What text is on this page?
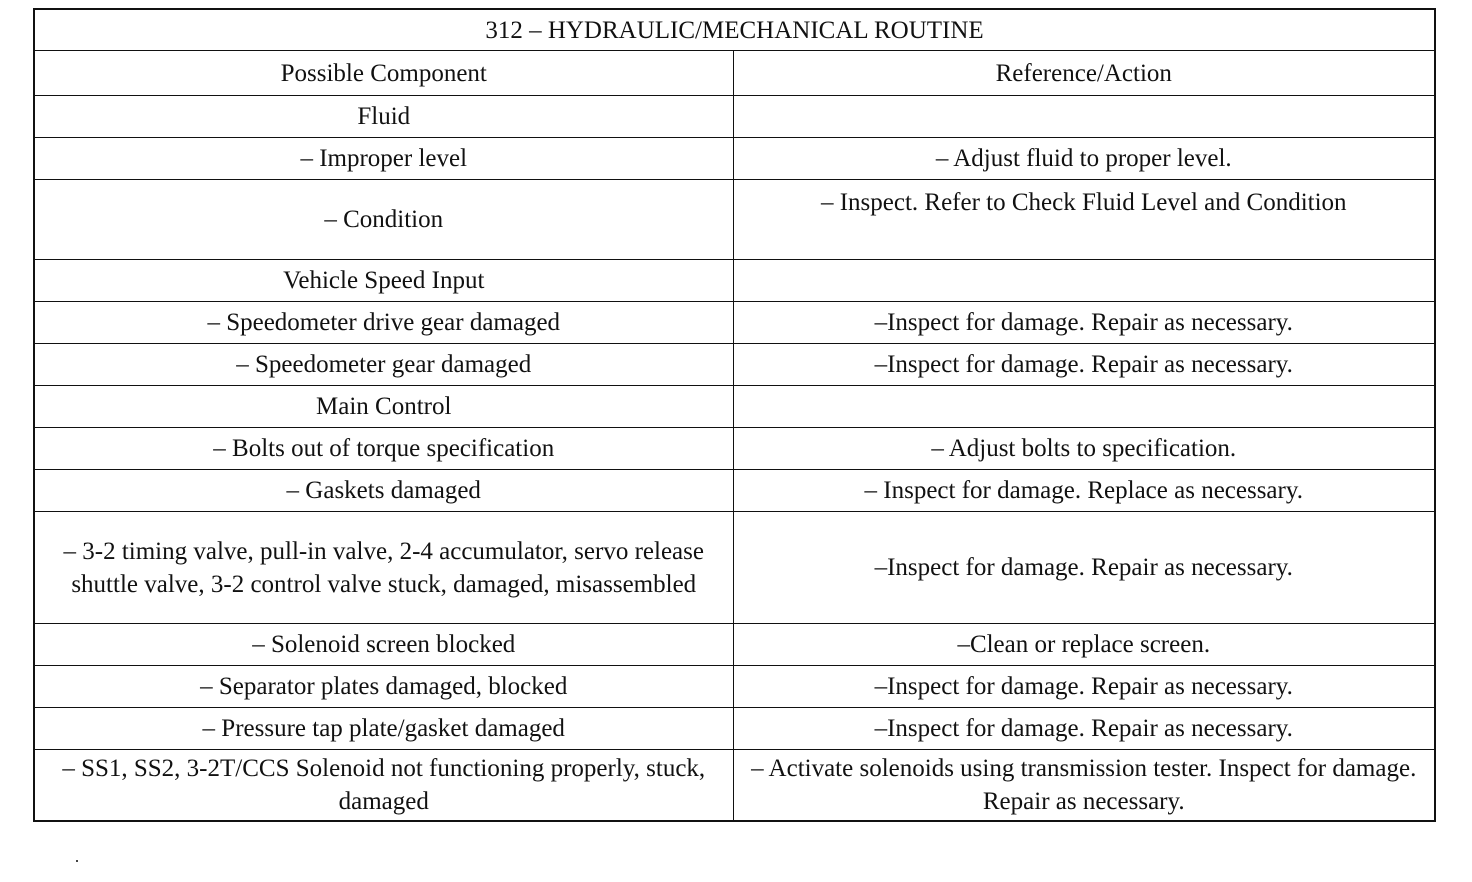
312 – HYDRAULIC/MECHANICAL ROUTINE	
Possible Component	Reference/Action
Fluid	
– Improper level	– Adjust fluid to proper level.
– Condition	– Inspect. Refer to Check Fluid Level and Condition
Vehicle Speed Input	
– Speedometer drive gear damaged	–Inspect for damage. Repair as necessary.
– Speedometer gear damaged	–Inspect for damage. Repair as necessary.
Main Control	
– Bolts out of torque specification	– Adjust bolts to specification.
– Gaskets damaged	– Inspect for damage. Replace as necessary.
– 3-2 timing valve, pull-in valve, 2-4 accumulator, servo release shuttle valve, 3-2 control valve stuck, damaged, misassembled	–Inspect for damage. Repair as necessary.
– Solenoid screen blocked	–Clean or replace screen.
– Separator plates damaged, blocked	–Inspect for damage. Repair as necessary.
– Pressure tap plate/gasket damaged	–Inspect for damage. Repair as necessary.
– SS1, SS2, 3-2T/CCS Solenoid not functioning properly, stuck, damaged	– Activate solenoids using transmission tester. Inspect for damage. Repair as necessary.
